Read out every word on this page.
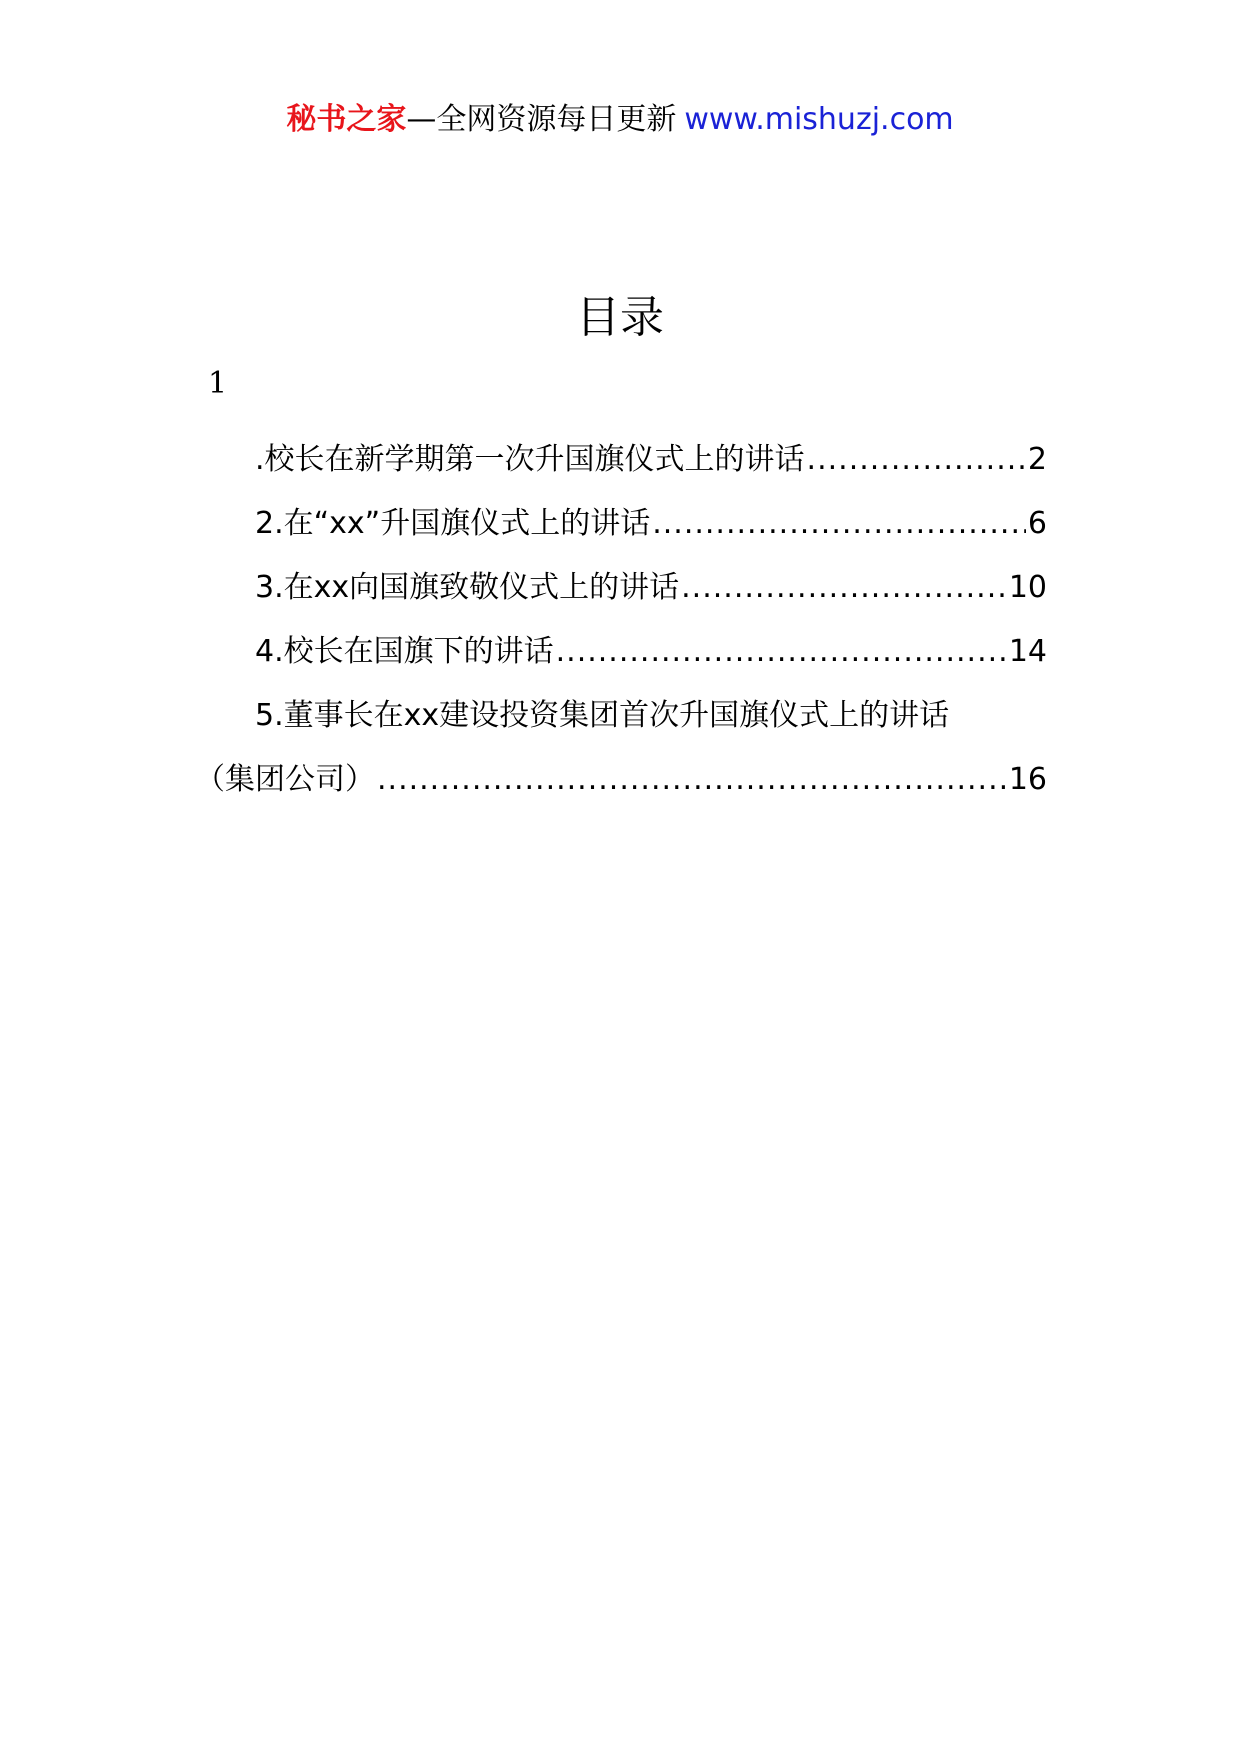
秘书之家—全网资源每日更新 www.mishuzj.com
目录
1
.校长在新学期第一次升国旗仪式上的讲话 .....	2
2.在“xx”升国旗仪式上的讲话 .....	6
3.在xx向国旗致敬仪式上的讲话 .....	10
4.校长在国旗下的讲话 .....	14
5.董事长在xx建设投资集团首次升国旗仪式上的讲话
（集团公司） .....	16
